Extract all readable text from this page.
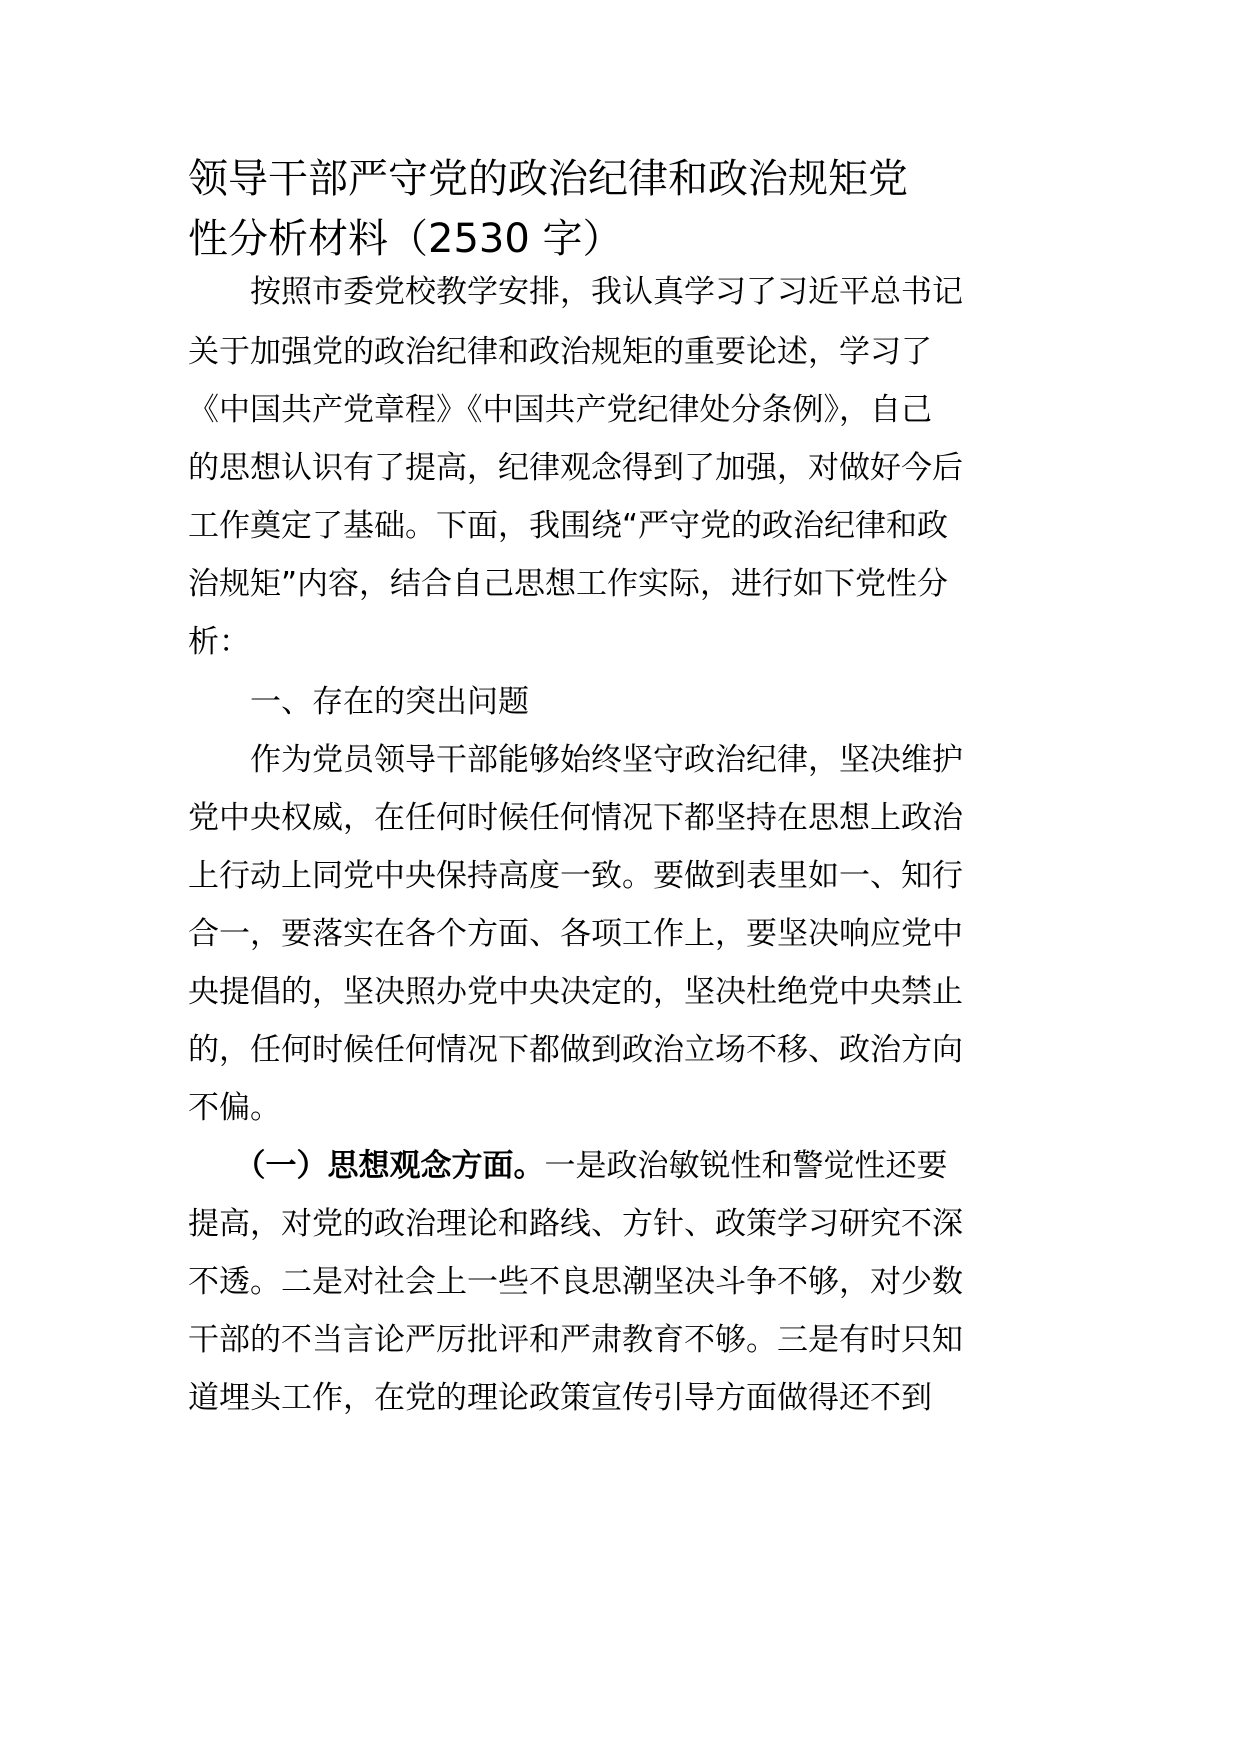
领导干部严守党的政治纪律和政治规矩党
性分析材料（2530 字）

　　按照市委党校教学安排，我认真学习了习近平总书记

关于加强党的政治纪律和政治规矩的重要论述，学习了

《中国共产党章程》《中国共产党纪律处分条例》，自己

的思想认识有了提高，纪律观念得到了加强，对做好今后

工作奠定了基础。下面，我围绕“严守党的政治纪律和政

治规矩”内容，结合自己思想工作实际，进行如下党性分

析：

　　一、存在的突出问题

　　作为党员领导干部能够始终坚守政治纪律，坚决维护

党中央权威，在任何时候任何情况下都坚持在思想上政治

上行动上同党中央保持高度一致。要做到表里如一、知行

合一，要落实在各个方面、各项工作上，要坚决响应党中

央提倡的，坚决照办党中央决定的，坚决杜绝党中央禁止

的，任何时候任何情况下都做到政治立场不移、政治方向

不偏。

　　（一）思想观念方面。一是政治敏锐性和警觉性还要

提高，对党的政治理论和路线、方针、政策学习研究不深

不透。二是对社会上一些不良思潮坚决斗争不够，对少数

干部的不当言论严厉批评和严肃教育不够。三是有时只知

道埋头工作，在党的理论政策宣传引导方面做得还不到
